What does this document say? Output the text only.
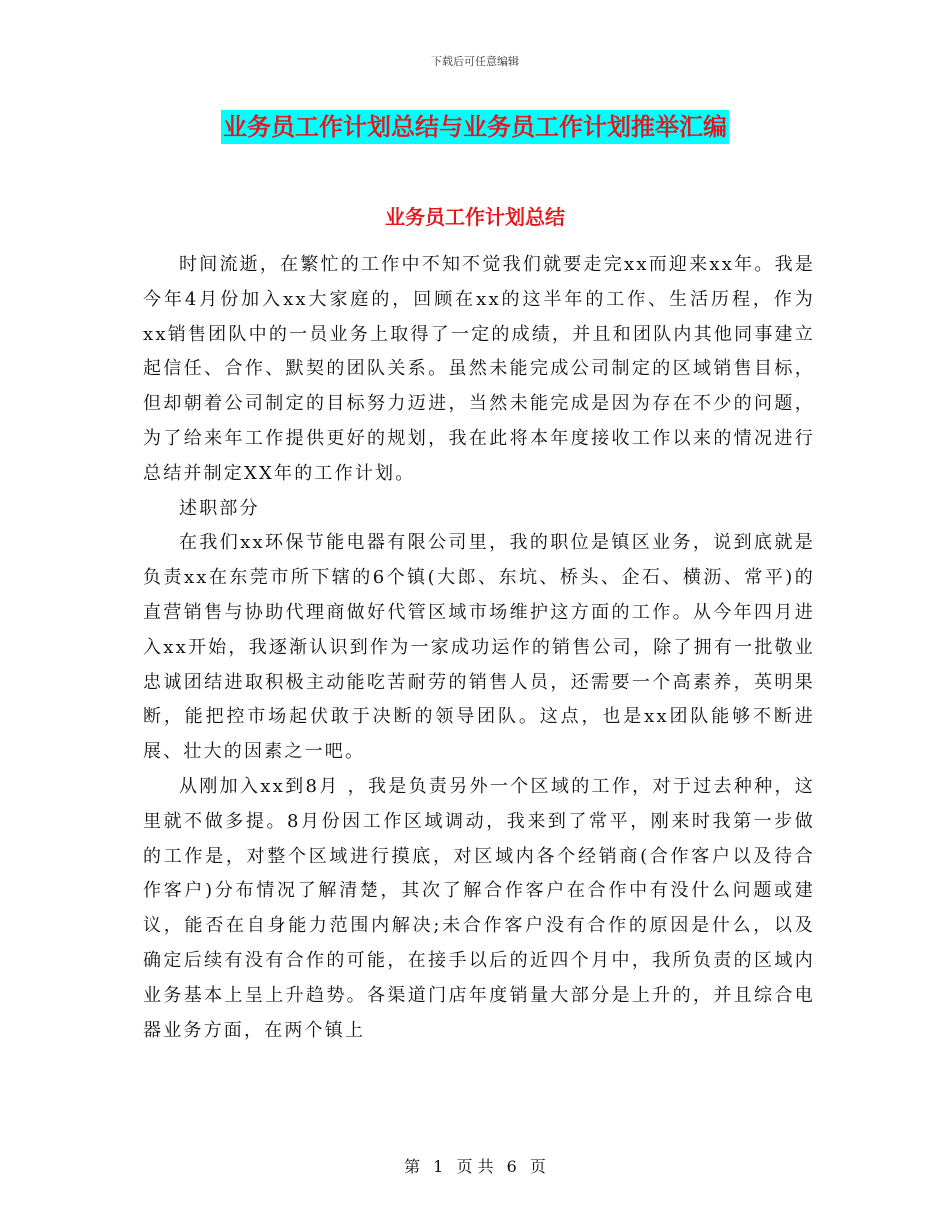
下载后可任意编辑
业务员工作计划总结与业务员工作计划推举汇编
业务员工作计划总结

时间流逝，在繁忙的工作中不知不觉我们就要走完xx而迎来xx年。我是今年4月份加入xx大家庭的，回顾在xx的这半年的工作、生活历程，作为xx销售团队中的一员业务上取得了一定的成绩，并且和团队内其他同事建立起信任、合作、默契的团队关系。虽然未能完成公司制定的区域销售目标，但却朝着公司制定的目标努力迈进，当然未能完成是因为存在不少的问题，为了给来年工作提供更好的规划，我在此将本年度接收工作以来的情况进行总结并制定XX年的工作计划。

述职部分

在我们xx环保节能电器有限公司里，我的职位是镇区业务，说到底就是负责xx在东莞市所下辖的6个镇(大郎、东坑、桥头、企石、横沥、常平)的直营销售与协助代理商做好代管区域市场维护这方面的工作。从今年四月进入xx开始，我逐渐认识到作为一家成功运作的销售公司，除了拥有一批敬业忠诚团结进取积极主动能吃苦耐劳的销售人员，还需要一个高素养，英明果断，能把控市场起伏敢于决断的领导团队。这点，也是xx团队能够不断进展、壮大的因素之一吧。

从刚加入xx到8月 ，我是负责另外一个区域的工作，对于过去种种，这里就不做多提。8月份因工作区域调动，我来到了常平，刚来时我第一步做的工作是，对整个区域进行摸底，对区域内各个经销商(合作客户以及待合作客户)分布情况了解清楚，其次了解合作客户在合作中有没什么问题或建议，能否在自身能力范围内解决;未合作客户没有合作的原因是什么，以及确定后续有没有合作的可能，在接手以后的近四个月中，我所负责的区域内业务基本上呈上升趋势。各渠道门店年度销量大部分是上升的，并且综合电器业务方面，在两个镇上

第 1 页 共 6 页
